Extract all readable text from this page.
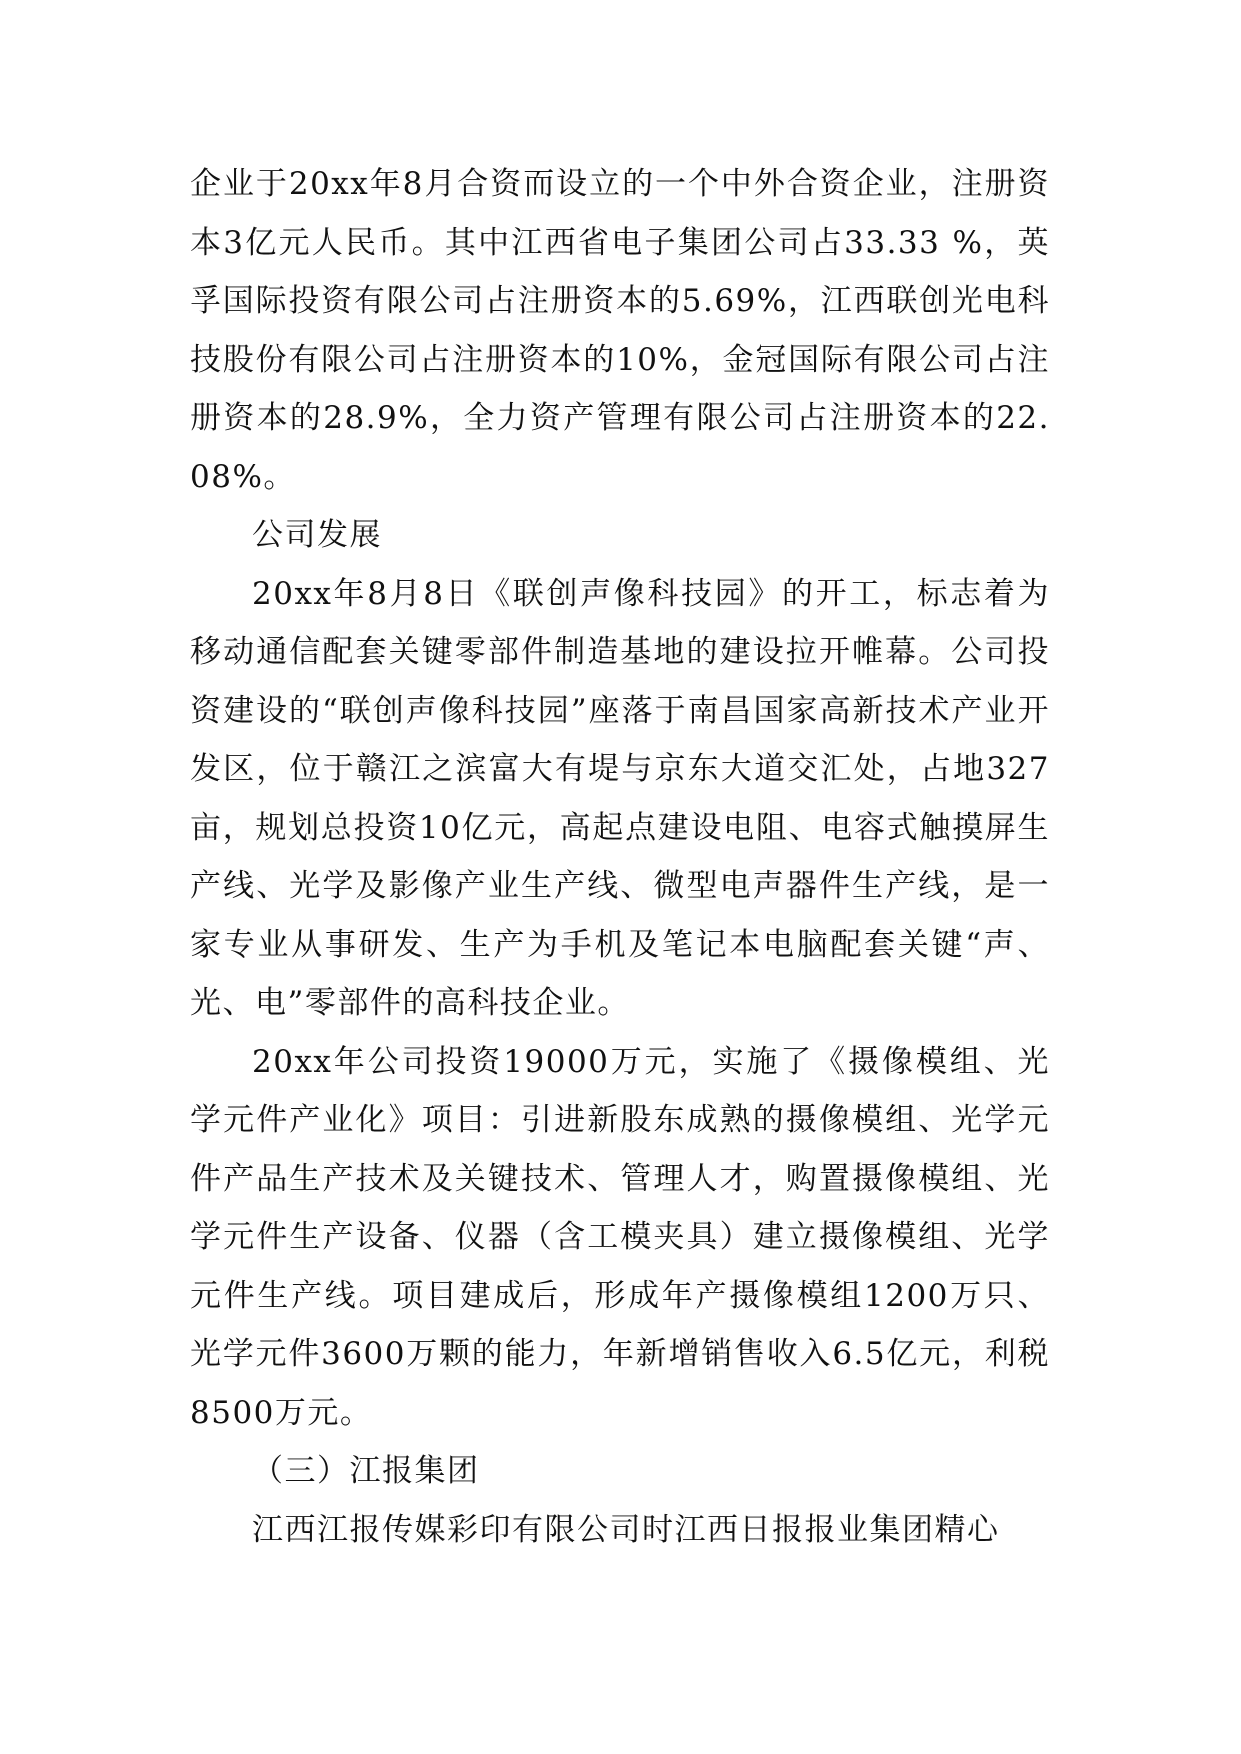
企业于20xx年8月合资而设立的一个中外合资企业，注册资本3亿元人民币。其中江西省电子集团公司占33.33 %，英孚国际投资有限公司占注册资本的5.69%，江西联创光电科技股份有限公司占注册资本的10%，金冠国际有限公司占注册资本的28.9%，全力资产管理有限公司占注册资本的22.08%。

公司发展

20xx年8月8日《联创声像科技园》的开工，标志着为移动通信配套关键零部件制造基地的建设拉开帷幕。公司投资建设的“联创声像科技园”座落于南昌国家高新技术产业开发区，位于赣江之滨富大有堤与京东大道交汇处，占地327亩，规划总投资10亿元，高起点建设电阻、电容式触摸屏生产线、光学及影像产业生产线、微型电声器件生产线，是一家专业从事研发、生产为手机及笔记本电脑配套关键“声、光、电”零部件的高科技企业。

20xx年公司投资19000万元，实施了《摄像模组、光学元件产业化》项目：引进新股东成熟的摄像模组、光学元件产品生产技术及关键技术、管理人才，购置摄像模组、光学元件生产设备、仪器（含工模夹具）建立摄像模组、光学元件生产线。项目建成后，形成年产摄像模组1200万只、光学元件3600万颗的能力，年新增销售收入6.5亿元，利税8500万元。

（三）江报集团

江西江报传媒彩印有限公司时江西日报报业集团精心
